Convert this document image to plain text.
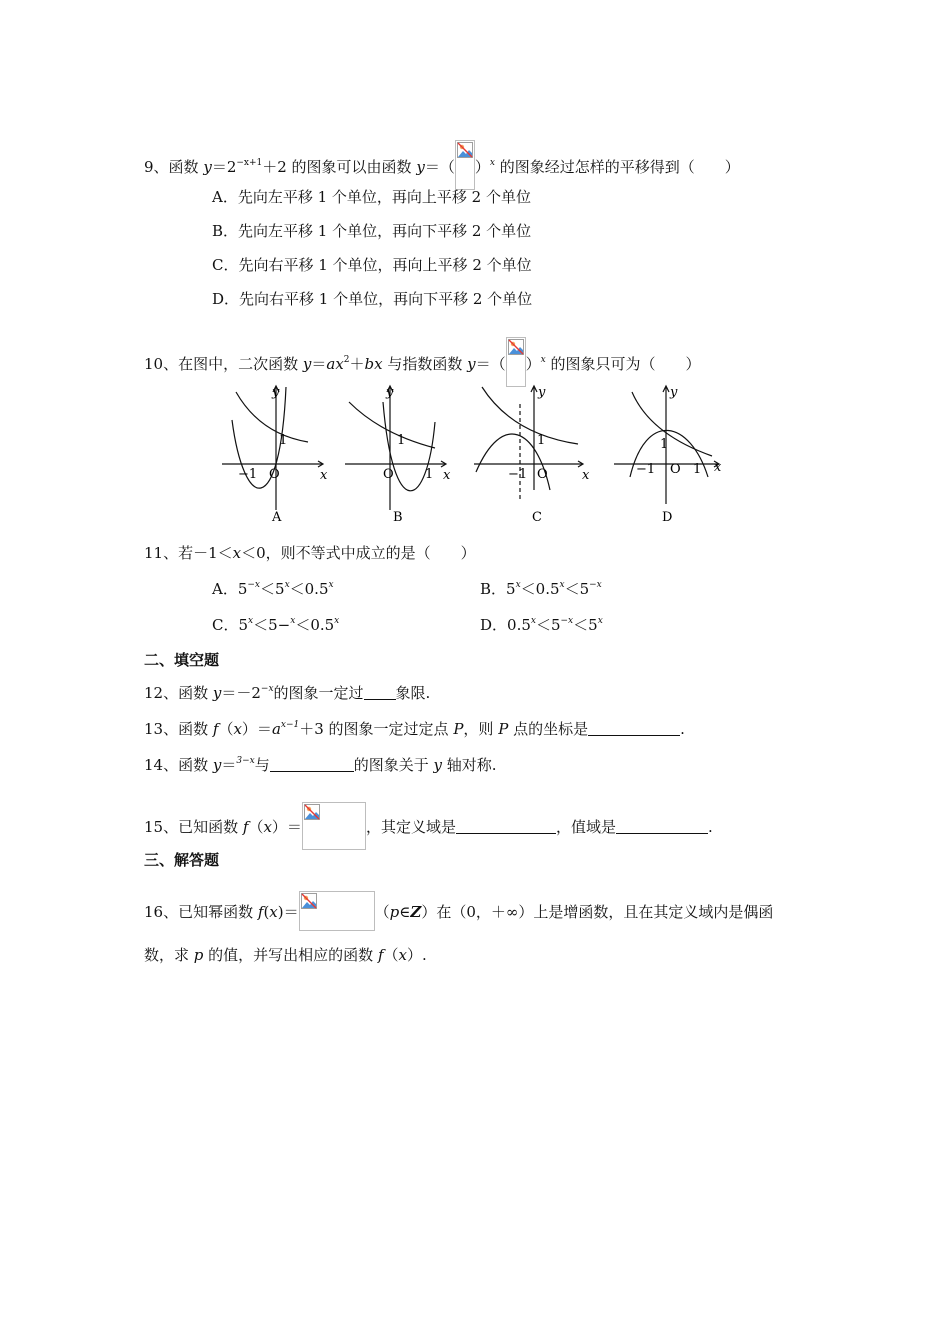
9、函数 $y=2^{-x+1}+2$ 的图象可以由函数 y＝（ ）$^x$ 的图象经过怎样的平移得到（　　）
A．先向左平移 1 个单位，再向上平移 2 个单位
B．先向左平移 1 个单位，再向下平移 2 个单位
C．先向右平移 1 个单位，再向上平移 2 个单位
D．先向右平移 1 个单位，再向下平移 2 个单位
10、在图中，二次函数 $y=ax^2+bx$ 与指数函数 y＝（ ）$^x$ 的图象只可为（　　）
y
x
O
1
−1
A
y
x
O
1
1
B
y
x
O
1
−1
C
y
x
O
1
1
−1
D
11、若－1＜x＜0，则不等式中成立的是（　　）
A．$5^{-x}<5^x<0.5^x$	B．$5^x<0.5^x<5^{-x}$
C．$5^x<5-^x<0.5^x$	D．$0.5^x<5^{-x}<5^x$
二、填空题
12、函数 $y=-2^{-x}$的图象一定过 象限.
13、函数 $f(x)=a^{x-1}+3$ 的图象一定过定点 P，则 P 点的坐标是	.
14、函数 y＝$^{3-x}$与	的图象关于 y 轴对称.
15、已知函数 f（x）＝	，其定义域是	，值域是	.
三、解答题
16、已知幂函数 f(x)＝	（p∈Z）在（0，＋∞）上是增函数，且在其定义域内是偶函
数，求 p 的值，并写出相应的函数 f（x）.
